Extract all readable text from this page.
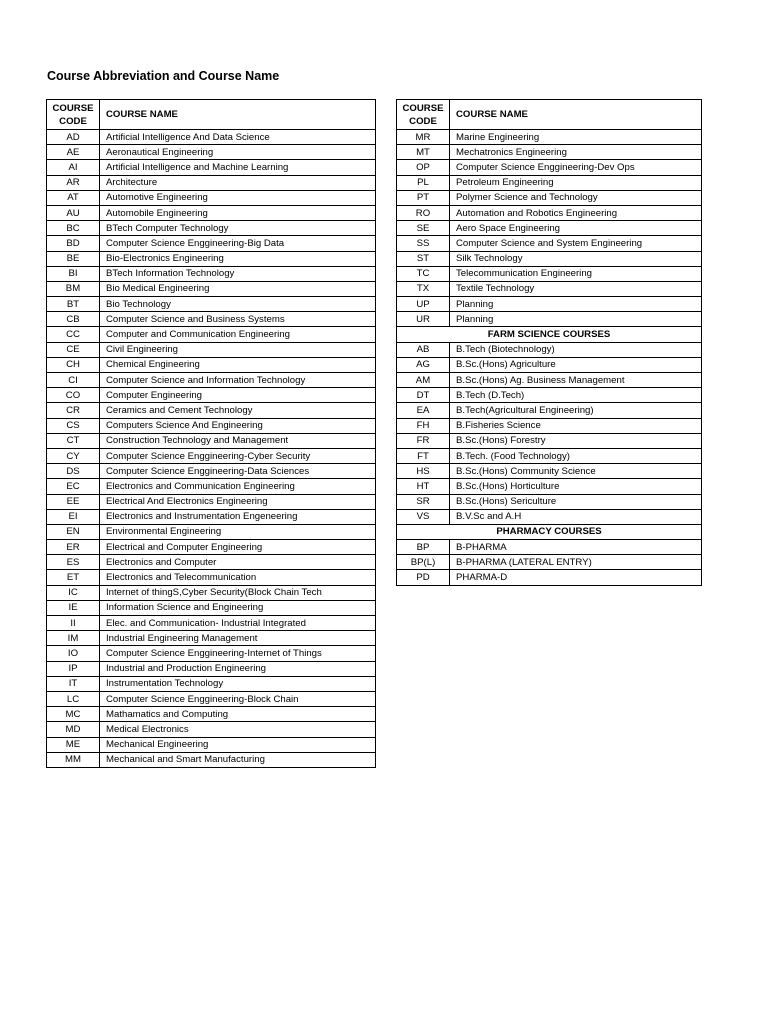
Course Abbreviation and Course Name
COURSE
CODE	COURSE NAME
AD	Artificial Intelligence And Data Science
AE	Aeronautical Engineering
AI	Artificial Intelligence and Machine Learning
AR	Architecture
AT	Automotive Engineering
AU	Automobile Engineering
BC	BTech Computer Technology
BD	Computer Science Enggineering-Big Data
BE	Bio-Electronics Engineering
BI	BTech Information Technology
BM	Bio Medical Engineering
BT	Bio Technology
CB	Computer Science and Business Systems
CC	Computer and Communication Engineering
CE	Civil Engineering
CH	Chemical Engineering
CI	Computer Science and Information Technology
CO	Computer Engineering
CR	Ceramics and Cement Technology
CS	Computers Science And Engineering
CT	Construction Technology and Management
CY	Computer Science Enggineering-Cyber Security
DS	Computer Science Enggineering-Data Sciences
EC	Electronics and Communication Engineering
EE	Electrical And Electronics Engineering
EI	Electronics and Instrumentation Engeneering
EN	Environmental Engineering
ER	Electrical and Computer Engineering
ES	Electronics and Computer
ET	Electronics and Telecommunication
IC	Internet of thingS,Cyber Security(Block Chain Tech
IE	Information Science and Engineering
II	Elec. and Communication- Industrial Integrated
IM	Industrial Engineering Management
IO	Computer Science Enggineering-Internet of Things
IP	Industrial and Production Engineering
IT	Instrumentation Technology
LC	Computer Science Enggineering-Block Chain
MC	Mathamatics and Computing
MD	Medical Electronics
ME	Mechanical Engineering
MM	Mechanical and Smart Manufacturing
COURSE
CODE	COURSE NAME
MR	Marine Engineering
MT	Mechatronics Engineering
OP	Computer Science Enggineering-Dev Ops
PL	Petroleum Engineering
PT	Polymer Science and Technology
RO	Automation and Robotics Engineering
SE	Aero Space Engineering
SS	Computer Science and System Engineering
ST	Silk Technology
TC	Telecommunication Engineering
TX	Textile Technology
UP	Planning
UR	Planning
FARM SCIENCE COURSES	
AB	B.Tech (Biotechnology)
AG	B.Sc.(Hons) Agriculture
AM	B.Sc.(Hons) Ag. Business Management
DT	B.Tech (D.Tech)
EA	B.Tech(Agricultural Engineering)
FH	B.Fisheries Science
FR	B.Sc.(Hons) Forestry
FT	B.Tech. (Food Technology)
HS	B.Sc.(Hons) Community Science
HT	B.Sc.(Hons) Horticulture
SR	B.Sc.(Hons) Sericulture
VS	B.V.Sc and A.H
PHARMACY COURSES	
BP	B-PHARMA
BP(L)	B-PHARMA (LATERAL ENTRY)
PD	PHARMA-D
